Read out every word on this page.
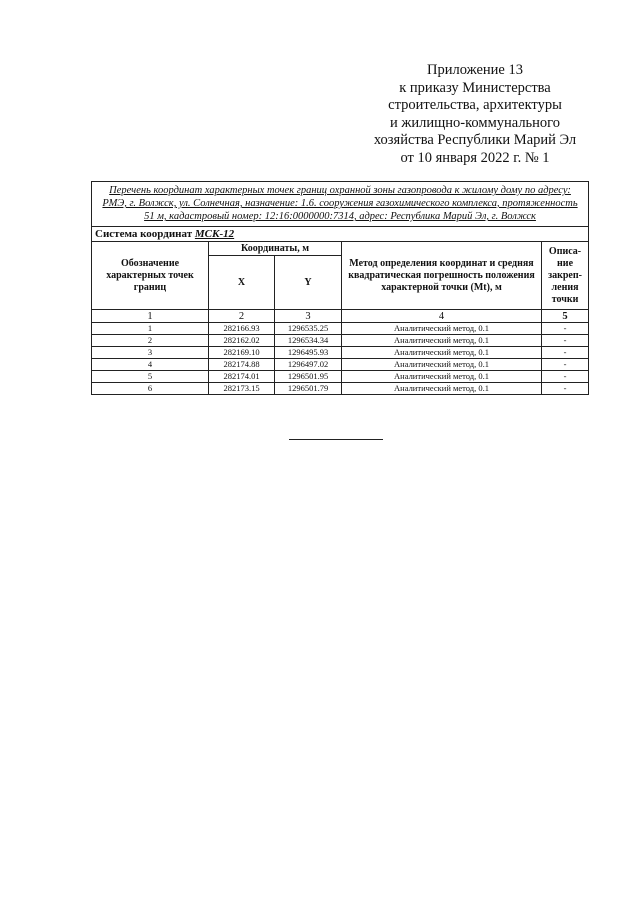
Приложение 13
к приказу Министерства
строительства, архитектуры
и жилищно-коммунального
хозяйства Республики Марий Эл
от 10 января 2022 г. № 1
Перечень координат характерных точек границ охранной зоны газопровода к жилому дому по адресу: РМЭ, г. Волжск, ул. Солнечная, назначение: 1.6. сооружения газохимического комплекса, протяженность 51 м, кадастровый номер: 12:16:0000000:7314, адрес: Республика Марий Эл, г. Волжск				
Система координат МСК-12				
Обозначение характерных точек границ	Координаты, м		Метод определения координат и средняя квадратическая погрешность положения характерной точки (Mt), м	Описа-ние закреп-ления точки
	X	Y		
1	2	3	4	5
1	282166.93	1296535.25	Аналитический метод, 0.1	-
2	282162.02	1296534.34	Аналитический метод, 0.1	-
3	282169.10	1296495.93	Аналитический метод, 0.1	-
4	282174.88	1296497.02	Аналитический метод, 0.1	-
5	282174.01	1296501.95	Аналитический метод, 0.1	-
6	282173.15	1296501.79	Аналитический метод, 0.1	-
